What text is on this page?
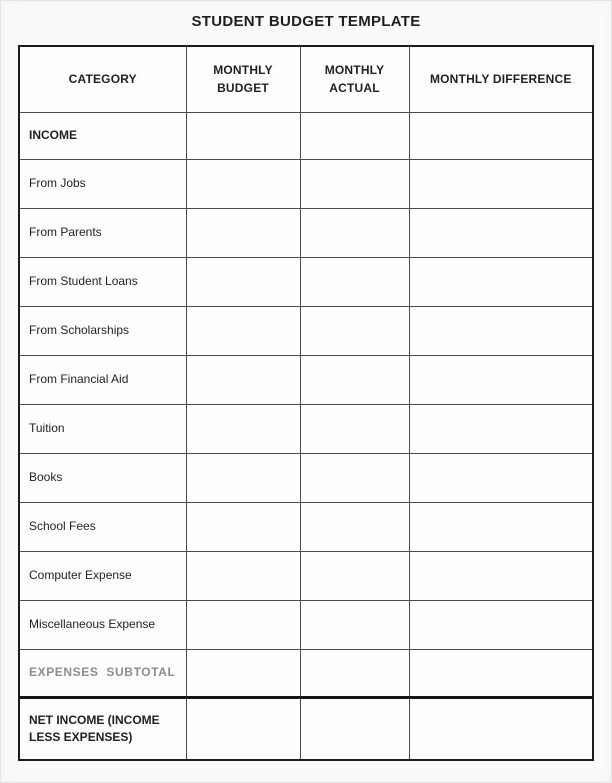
STUDENT BUDGET TEMPLATE
CATEGORY	MONTHLY BUDGET	MONTHLY ACTUAL	MONTHLY DIFFERENCE
INCOME			
From Jobs			
From Parents			
From Student Loans			
From Scholarships			
From Financial Aid			
Tuition			
Books			
School Fees			
Computer Expense			
Miscellaneous Expense			
EXPENSES SUBTOTAL			
NET INCOME (INCOME LESS EXPENSES)			
